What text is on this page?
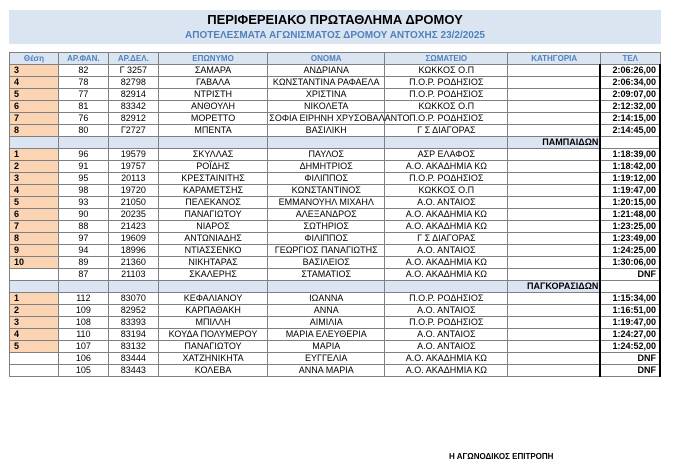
ΠΕΡΙΦΕΡΕΙΑΚΟ ΠΡΩΤΑΘΛΗΜΑ ΔΡΟΜΟΥ
ΑΠΟΤΕΛΕΣΜΑΤΑ ΑΓΩΝΙΣΜΑΤΟΣ ΔΡΟΜΟΥ ΑΝΤΟΧΗΣ 23/2/2025
Θέση	ΑΡ.ΦΑΝ.	ΑΡ.ΔΕΛ.	ΕΠΩΝΥΜΟ	ΟΝΟΜΑ	ΣΩΜΑΤΕΙΟ	ΚΑΤΗΓΟΡΙΑ	ΤΕΛ
3	82	Γ 3257	ΣΑΜΑΡΑ	ΑΝΔΡΙΑΝΑ	ΚΩΚΚΟΣ Ο.Π		2:06:26,00
4	78	82798	ΓΑΒΑΛΑ	ΚΩΝΣΤΑΝΤΙΝΑ ΡΑΦΑΕΛΑ	Π.Ο.Ρ. ΡΟΔΗΣΙΟΣ		2:06:34,00
5	77	82914	ΝΤΡΙΣΤΗ	ΧΡΙΣΤΙΝΑ	Π.Ο.Ρ. ΡΟΔΗΣΙΟΣ		2:09:07,00
6	81	83342	ΑΝΘΟΥΛΗ	ΝΙΚΟΛΕΤΑ	ΚΩΚΚΟΣ Ο.Π		2:12:32,00
7	76	82912	ΜΟΡΕΤΤΟ	ΣΟΦΙΑ ΕΙΡΗΝΗ ΧΡΥΣΟΒΑΛΑΝΤΟ	Π.Ο.Ρ. ΡΟΔΗΣΙΟΣ		2:14:15,00
8	80	Γ2727	ΜΠΕΝΤΑ	ΒΑΣΙΛΙΚΗ	Γ Σ ΔΙΑΓΟΡΑΣ		2:14:45,00
						ΠΑΜΠΑΙΔΩΝ	
1	96	19579	ΣΚΥΛΛΑΣ	ΠΑΥΛΟΣ	ΑΣΡ ΕΛΑΦΟΣ		1:18:39,00
2	91	19757	ΡΟΪΔΗΣ	ΔΗΜΗΤΡΙΟΣ	Α.Ο. ΑΚΑΔΗΜΙΑ ΚΩ		1:18:42,00
3	95	20113	ΚΡΕΣΤΑΙΝΙΤΗΣ	ΦΙΛΙΠΠΟΣ	Π.Ο.Ρ. ΡΟΔΗΣΙΟΣ		1:19:12,00
4	98	19720	ΚΑΡΑΜΕΤΣΗΣ	ΚΩΝΣΤΑΝΤΙΝΟΣ	ΚΩΚΚΟΣ Ο.Π		1:19:47,00
5	93	21050	ΠΕΛΕΚΑΝΟΣ	ΕΜΜΑΝΟΥΗΛ ΜΙΧΑΗΛ	Α.Ο. ΑΝΤΑΙΟΣ		1:20:15,00
6	90	20235	ΠΑΝΑΓΙΩΤΟΥ	ΑΛΕΞΑΝΔΡΟΣ	Α.Ο. ΑΚΑΔΗΜΙΑ ΚΩ		1:21:48,00
7	88	21423	ΝΙΑΡΟΣ	ΣΩΤΗΡΙΟΣ	Α.Ο. ΑΚΑΔΗΜΙΑ ΚΩ		1:23:25,00
8	97	19609	ΑΝΤΩΝΙΑΔΗΣ	ΦΙΛΙΠΠΟΣ	Γ Σ ΔΙΑΓΟΡΑΣ		1:23:49,00
9	94	18996	ΝΤΙΑΣΣΕΝΚΟ	ΓΕΩΡΓΙΟΣ ΠΑΝΑΓΙΩΤΗΣ	Α.Ο. ΑΝΤΑΙΟΣ		1:24:25,00
10	89	21360	ΝΙΚΗΤΑΡΑΣ	ΒΑΣΙΛΕΙΟΣ	Α.Ο. ΑΚΑΔΗΜΙΑ ΚΩ		1:30:06,00
	87	21103	ΣΚΑΛΕΡΗΣ	ΣΤΑΜΑΤΙΟΣ	Α.Ο. ΑΚΑΔΗΜΙΑ ΚΩ		DNF
						ΠΑΓΚΟΡΑΣΙΔΩΝ	
1	112	83070	ΚΕΦΑΛΙΑΝΟΥ	ΙΩΑΝΝΑ	Π.Ο.Ρ. ΡΟΔΗΣΙΟΣ		1:15:34,00
2	109	82952	ΚΑΡΠΑΘΑΚΗ	ΑΝΝΑ	Α.Ο. ΑΝΤΑΙΟΣ		1:16:51,00
3	108	83393	ΜΠΙΛΛΗ	ΑΙΜΙΛΙΑ	Π.Ο.Ρ. ΡΟΔΗΣΙΟΣ		1:19:47,00
4	110	83194	ΚΟΥΔΑ ΠΟΛΥΜΕΡΟΥ	ΜΑΡΙΑ ΕΛΕΥΘΕΡΙΑ	Α.Ο. ΑΝΤΑΙΟΣ		1:24:27,00
5	107	83132	ΠΑΝΑΓΙΩΤΟΥ	ΜΑΡΙΑ	Α.Ο. ΑΝΤΑΙΟΣ		1:24:52,00
	106	83444	ΧΑΤΖΗΝΙΚΗΤΑ	ΕΥΓΓΕΛΙΑ	Α.Ο. ΑΚΑΔΗΜΙΑ ΚΩ		DNF
	105	83443	ΚΟΛΕΒΑ	ΑΝΝΑ ΜΑΡΙΑ	Α.Ο. ΑΚΑΔΗΜΙΑ ΚΩ		DNF
Η ΑΓΩΝΟΔΙΚΟΣ ΕΠΙΤΡΟΠΗ
